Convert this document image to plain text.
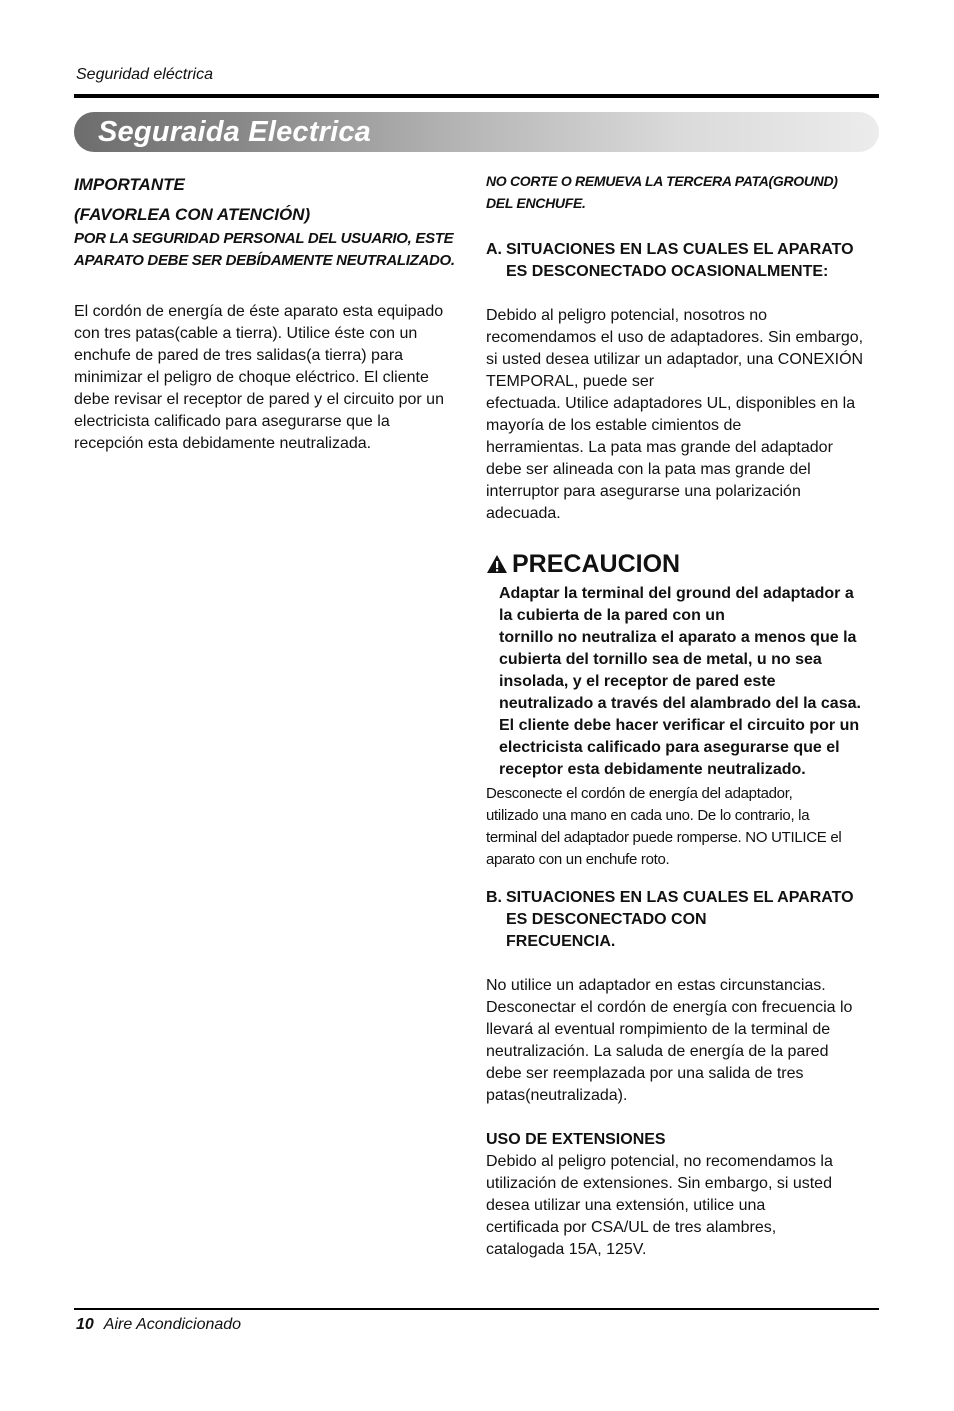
Seguridad eléctrica
Seguraida Electrica
IMPORTANTE
(FAVORLEA CON ATENCIÓN)
POR LA SEGURIDAD PERSONAL DEL USUARIO, ESTE
APARATO DEBE SER DEBÍDAMENTE NEUTRALIZADO.
El cordón de energía de éste aparato esta equipado
con tres patas(cable a tierra). Utilice éste con un
enchufe de pared de tres salidas(a tierra) para
minimizar el peligro de choque eléctrico. El cliente
debe revisar el receptor de pared y el circuito por un
electricista calificado para asegurarse que la
recepción esta debidamente neutralizada.
NO CORTE O REMUEVA LA TERCERA PATA(GROUND)
DEL ENCHUFE.
A. SITUACIONES EN LAS CUALES EL APARATO
ES DESCONECTADO OCASIONALMENTE:
Debido al peligro potencial, nosotros no
recomendamos el uso de adaptadores. Sin embargo,
si usted desea utilizar un adaptador, una CONEXIÓN
TEMPORAL, puede ser
efectuada. Utilice adaptadores UL, disponibles en la
mayoría de los estable cimientos de
herramientas. La pata mas grande del adaptador
debe ser alineada con la pata mas grande del
interruptor para asegurarse una polarización
adecuada.
PRECAUCION
Adaptar la terminal del ground del adaptador a
la cubierta de la pared con un
tornillo no neutraliza el aparato a menos que la
cubierta del tornillo sea de metal, u no sea
insolada, y el receptor de pared este
neutralizado a través del alambrado del la casa.
El cliente debe hacer verificar el circuito por un
electricista calificado para asegurarse que el
receptor esta debidamente neutralizado.
Desconecte el cordón de energía del adaptador,
utilizado una mano en cada uno. De lo contrario, la
terminal del adaptador puede romperse. NO UTILICE el
aparato con un enchufe roto.
B. SITUACIONES EN LAS CUALES EL APARATO
ES DESCONECTADO CON
FRECUENCIA.
No utilice un adaptador en estas circunstancias.
Desconectar el cordón de energía con frecuencia lo
llevará al eventual rompimiento de la terminal de
neutralización. La saluda de energía de la pared
debe ser reemplazada por una salida de tres
patas(neutralizada).
USO DE EXTENSIONES
Debido al peligro potencial, no recomendamos la
utilización de extensiones. Sin embargo, si usted
desea utilizar una extensión, utilice una
certificada por CSA/UL de tres alambres,
catalogada 15A, 125V.
10 Aire Acondicionado
